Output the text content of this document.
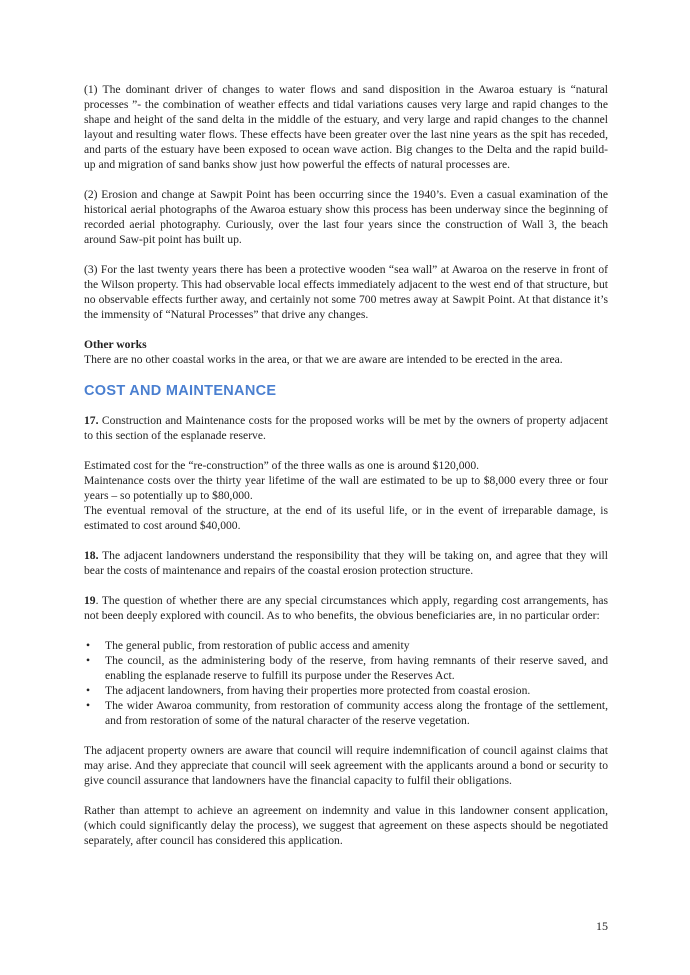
(1) The dominant driver of changes to water flows and sand disposition in the Awaroa estuary is “natural processes ”- the combination of weather effects and tidal variations causes very large and rapid changes to the shape and height of the sand delta in the middle of the estuary, and very large and rapid changes to the channel layout and resulting water flows. These effects have been greater over the last nine years as the spit has receded, and parts of the estuary have been exposed to ocean wave action. Big changes to the Delta and the rapid build-up and migration of sand banks show just how powerful the effects of natural processes are.

(2) Erosion and change at Sawpit Point has been occurring since the 1940’s. Even a casual examination of the historical aerial photographs of the Awaroa estuary show this process has been underway since the beginning of recorded aerial photography. Curiously, over the last four years since the construction of Wall 3, the beach around Saw-pit point has built up.

(3) For the last twenty years there has been a protective wooden “sea wall” at Awaroa on the reserve in front of the Wilson property. This had observable local effects immediately adjacent to the west end of that structure, but no observable effects further away, and certainly not some 700 metres away at Sawpit Point. At that distance it’s the immensity of “Natural Processes” that drive any changes.

Other works

There are no other coastal works in the area, or that we are aware are intended to be erected in the area.

COST AND MAINTENANCE

17. Construction and Maintenance costs for the proposed works will be met by the owners of property adjacent to this section of the esplanade reserve.

Estimated cost for the “re-construction” of the three walls as one is around $120,000.

Maintenance costs over the thirty year lifetime of the wall are estimated to be up to $8,000 every three or four years – so potentially up to $80,000.

The eventual removal of the structure, at the end of its useful life, or in the event of irreparable damage, is estimated to cost around $40,000.

18. The adjacent landowners understand the responsibility that they will be taking on, and agree that they will bear the costs of maintenance and repairs of the coastal erosion protection structure.

19. The question of whether there are any special circumstances which apply, regarding cost arrangements, has not been deeply explored with council. As to who benefits, the obvious beneficiaries are, in no particular order:

• The general public, from restoration of public access and amenity
• The council, as the administering body of the reserve, from having remnants of their reserve saved, and enabling the esplanade reserve to fulfill its purpose under the Reserves Act.
• The adjacent landowners, from having their properties more protected from coastal erosion.
• The wider Awaroa community, from restoration of community access along the frontage of the settlement, and from restoration of some of the natural character of the reserve vegetation.

The adjacent property owners are aware that council will require indemnification of council against claims that may arise. And they appreciate that council will seek agreement with the applicants around a bond or security to give council assurance that landowners have the financial capacity to fulfil their obligations.

Rather than attempt to achieve an agreement on indemnity and value in this landowner consent application, (which could significantly delay the process), we suggest that agreement on these aspects should be negotiated separately, after council has considered this application.

15
